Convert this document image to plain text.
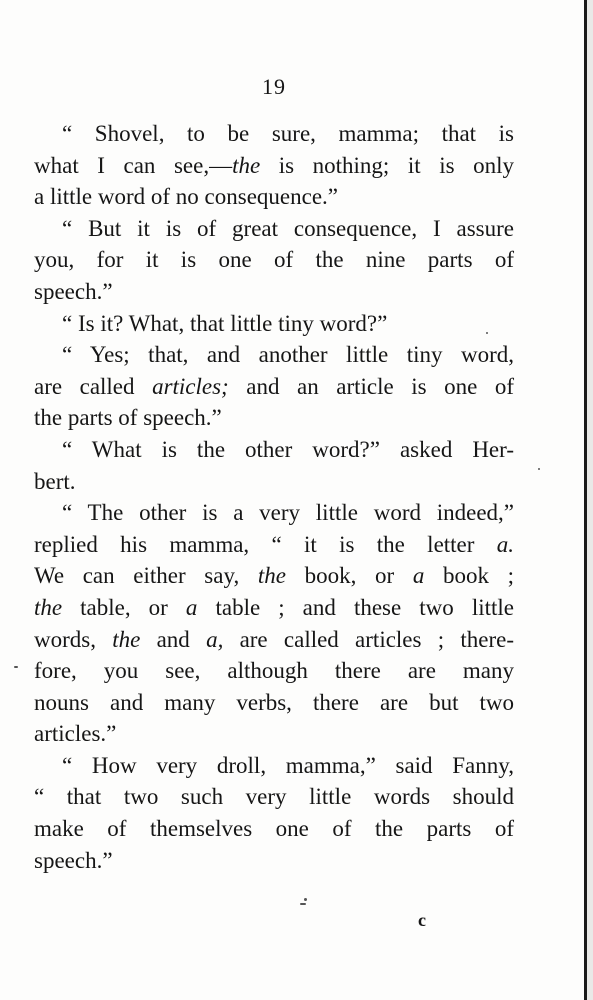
19
“ Shovel, to be sure, mamma; that is
what I can see,—the is nothing; it is only
a little word of no consequence.”
“ But it is of great consequence, I assure
you, for it is one of the nine parts of
speech.”
“ Is it? What, that little tiny word?”
“ Yes; that, and another little tiny word,
are called articles; and an article is one of
the parts of speech.”
“ What is the other word?” asked Her-
bert.
“ The other is a very little word indeed,”
replied his mamma, “ it is the letter a.
We can either say, the book, or a book ;
the table, or a table ; and these two little
words, the and a, are called articles ; there-
fore, you see, although there are many
nouns and many verbs, there are but two
articles.”
“ How very droll, mamma,” said Fanny,
“ that two such very little words should
make of themselves one of the parts of
speech.”
c
